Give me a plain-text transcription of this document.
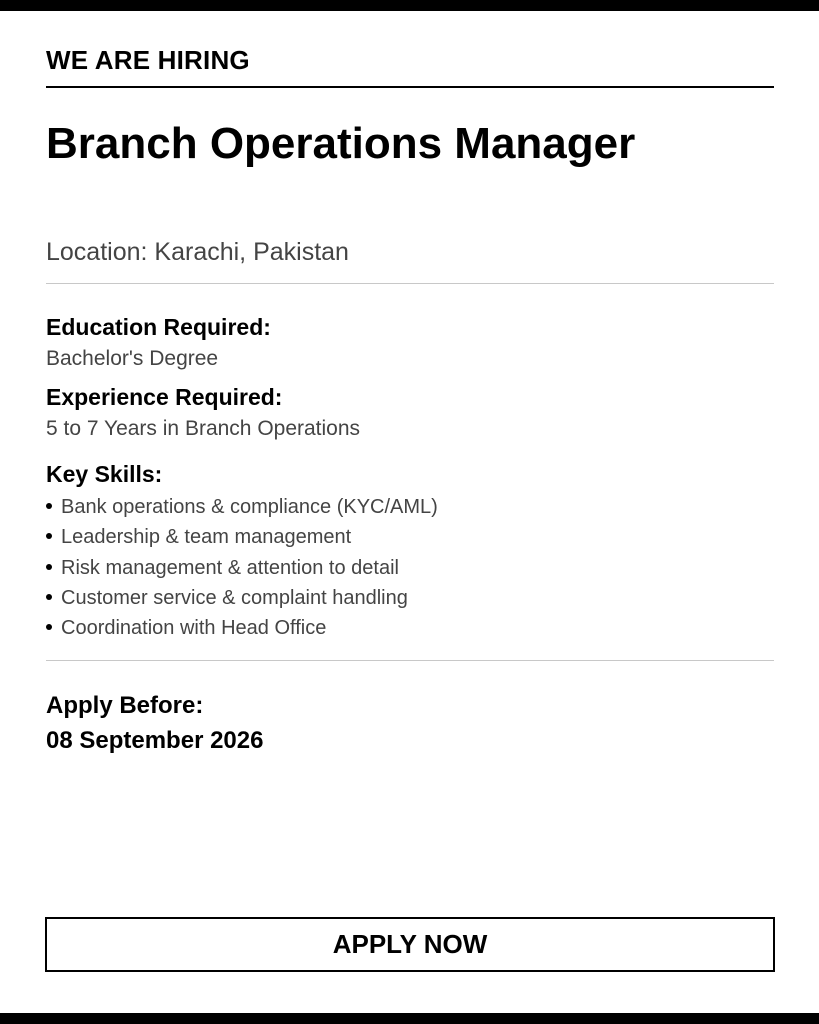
WE ARE HIRING
Branch Operations Manager
Location: Karachi, Pakistan
Education Required:
Bachelor's Degree
Experience Required:
5 to 7 Years in Branch Operations
Key Skills:
Bank operations & compliance (KYC/AML)
Leadership & team management
Risk management & attention to detail
Customer service & complaint handling
Coordination with Head Office
Apply Before:
08 September 2026
APPLY NOW
